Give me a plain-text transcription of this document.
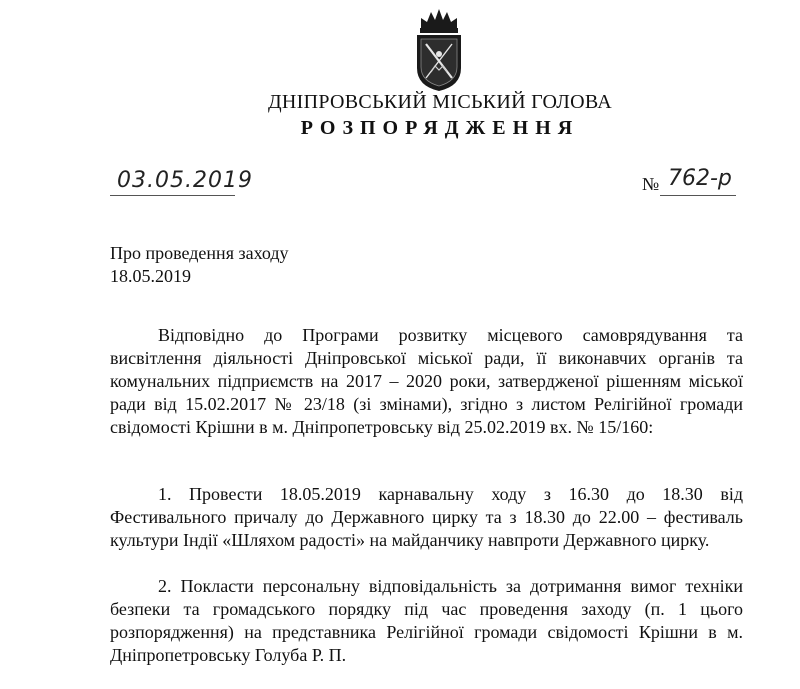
ДНІПРОВСЬКИЙ МІСЬКИЙ ГОЛОВА
РОЗПОРЯДЖЕННЯ
03.05.2019	№ 762-р
Про проведення заходу
18.05.2019
Відповідно до Програми розвитку місцевого самоврядування та висвітлення діяльності Дніпровської міської ради, її виконавчих органів та комунальних підприємств на 2017 – 2020 роки, затвердженої рішенням міської ради від 15.02.2017 № 23/18 (зі змінами), згідно з листом Релігійної громади свідомості Крішни в м. Дніпропетровську від 25.02.2019 вх. № 15/160:
1. Провести 18.05.2019 карнавальну ходу з 16.30 до 18.30 від Фестивального причалу до Державного цирку та з 18.30 до 22.00 – фестиваль культури Індії «Шляхом радості» на майданчику навпроти Державного цирку.
2. Покласти персональну відповідальність за дотримання вимог техніки безпеки та громадського порядку під час проведення заходу (п. 1 цього розпорядження) на представника Релігійної громади свідомості Крішни в м. Дніпропетровську Голуба Р. П.
